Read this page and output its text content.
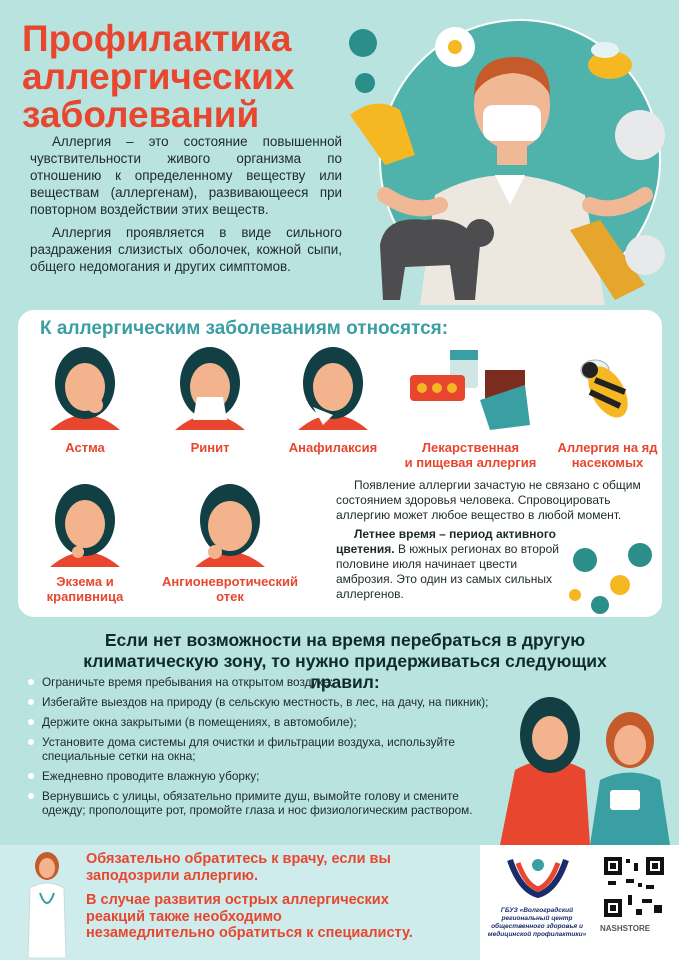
Профилактика
аллергических
заболеваний

Аллергия – это состояние повышенной чувствительности живого организма по отношению к определенному веществу или веществам (аллергенам), развивающееся при повторном воздействии этих веществ.

Аллергия проявляется в виде сильного раздражения слизистых оболочек, кожной сыпи, общего недомогания и других симптомов.

К аллергическим заболеваниям относятся:
Астма	Ринит	Анафилаксия	Лекарственная
и пищевая аллергия
Аллергия на яд
насекомых
Экзема и
крапивница
Ангионевротический
отек

Появление аллергии зачастую не связано с общим состоянием здоровья человека. Спровоцировать аллергию может любое вещество в любой момент.

Летнее время – период активного цветения. В южных регионах во второй половине июля начинает цвести амброзия. Это один из самых сильных аллергенов.

Если нет возможности на время перебраться в другую
климатическую зону, то нужно придерживаться следующих правил:
Ограничьте время пребывания на открытом воздухе;
Избегайте выездов на природу (в сельскую местность, в лес, на дачу, на пикник);
Держите окна закрытыми (в помещениях, в автомобиле);
Установите дома системы для очистки и фильтрации воздуха, используйте специальные сетки на окна;
Ежедневно проводите влажную уборку;
Вернувшись с улицы, обязательно примите душ, вымойте голову и смените одежду; прополощите рот, промойте глаза и нос физиологическим раствором.
Обязательно обратитесь к врачу, если вы
заподозрили аллергию.
В случае развития острых аллергических
реакций также необходимо
незамедлительно обратиться к специалисту.
ГБУЗ «Волгоградский региональный центр общественного здоровья и медицинской профилактики»
NASHSTORE
